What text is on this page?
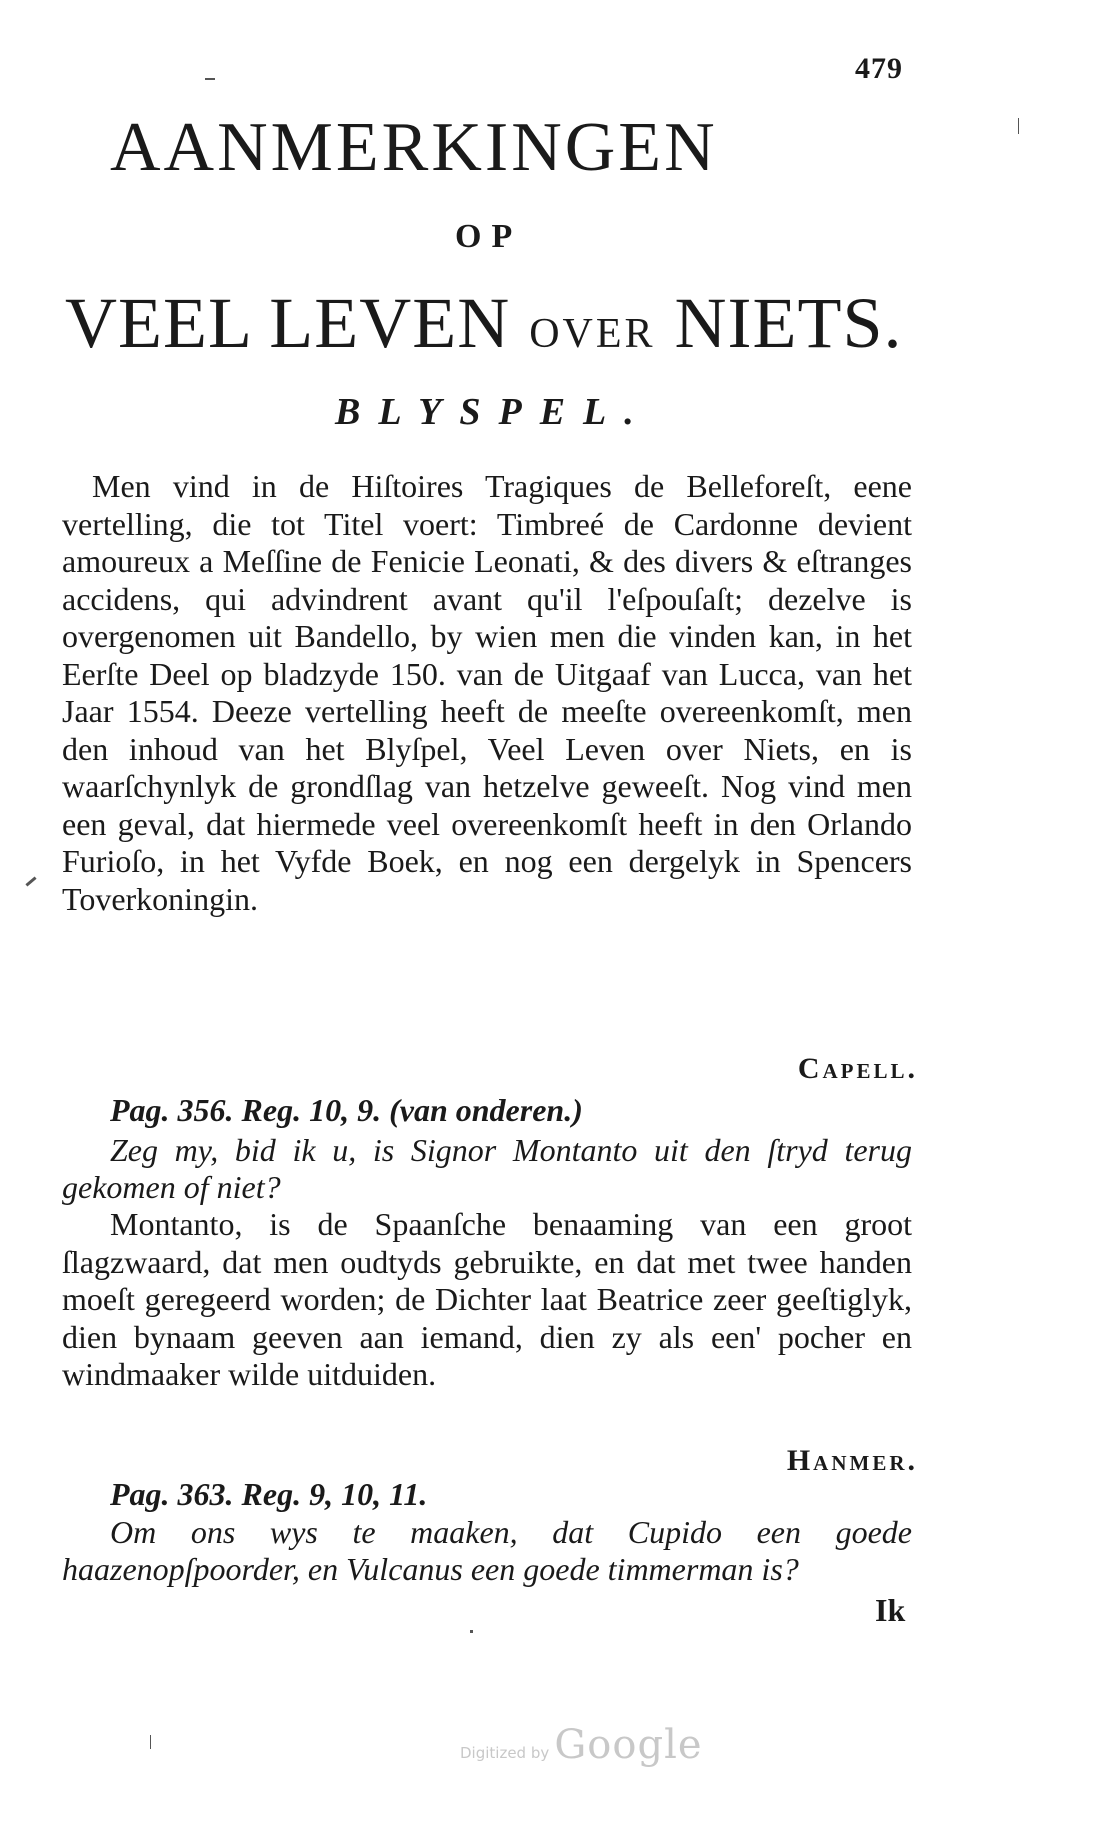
479
AANMERKINGEN
OP
VEEL LEVEN OVER NIETS.
BLYSPEL.
Men vind in de Hiſtoires Tragiques de Belleforeſt, eene vertelling, die tot Titel voert: Timbreé de Cardonne devient amoureux a Meſſine de Fenicie Leonati, & des divers & eſtranges accidens, qui advindrent avant qu'il l'eſpouſaſt; dezelve is overgenomen uit Bandello, by wien men die vinden kan, in het Eerſte Deel op bladzyde 150. van de Uitgaaf van Lucca, van het Jaar 1554. Deeze vertelling heeft de meeſte overeenkomſt, men den inhoud van het Blyſpel, Veel Leven over Niets, en is waarſchynlyk de grondſlag van hetzelve geweeſt. Nog vind men een geval, dat hiermede veel overeenkomſt heeft in den Orlando Furioſo, in het Vyfde Boek, en nog een dergelyk in Spencers Toverkoningin.
Capell.
Pag. 356. Reg. 10, 9. (van onderen.)
Zeg my, bid ik u, is Signor Montanto uit den ſtryd terug gekomen of niet?
Montanto, is de Spaanſche benaaming van een groot ſlagzwaard, dat men oudtyds gebruikte, en dat met twee handen moeſt geregeerd worden; de Dichter laat Beatrice zeer geeſtiglyk, dien bynaam geeven aan iemand, dien zy als een' pocher en windmaaker wilde uitduiden.
Hanmer.
Pag. 363. Reg. 9, 10, 11.
Om ons wys te maaken, dat Cupido een goede haazenopſpoorder, en Vulcanus een goede timmerman is?
Ik
Digitized by Google
